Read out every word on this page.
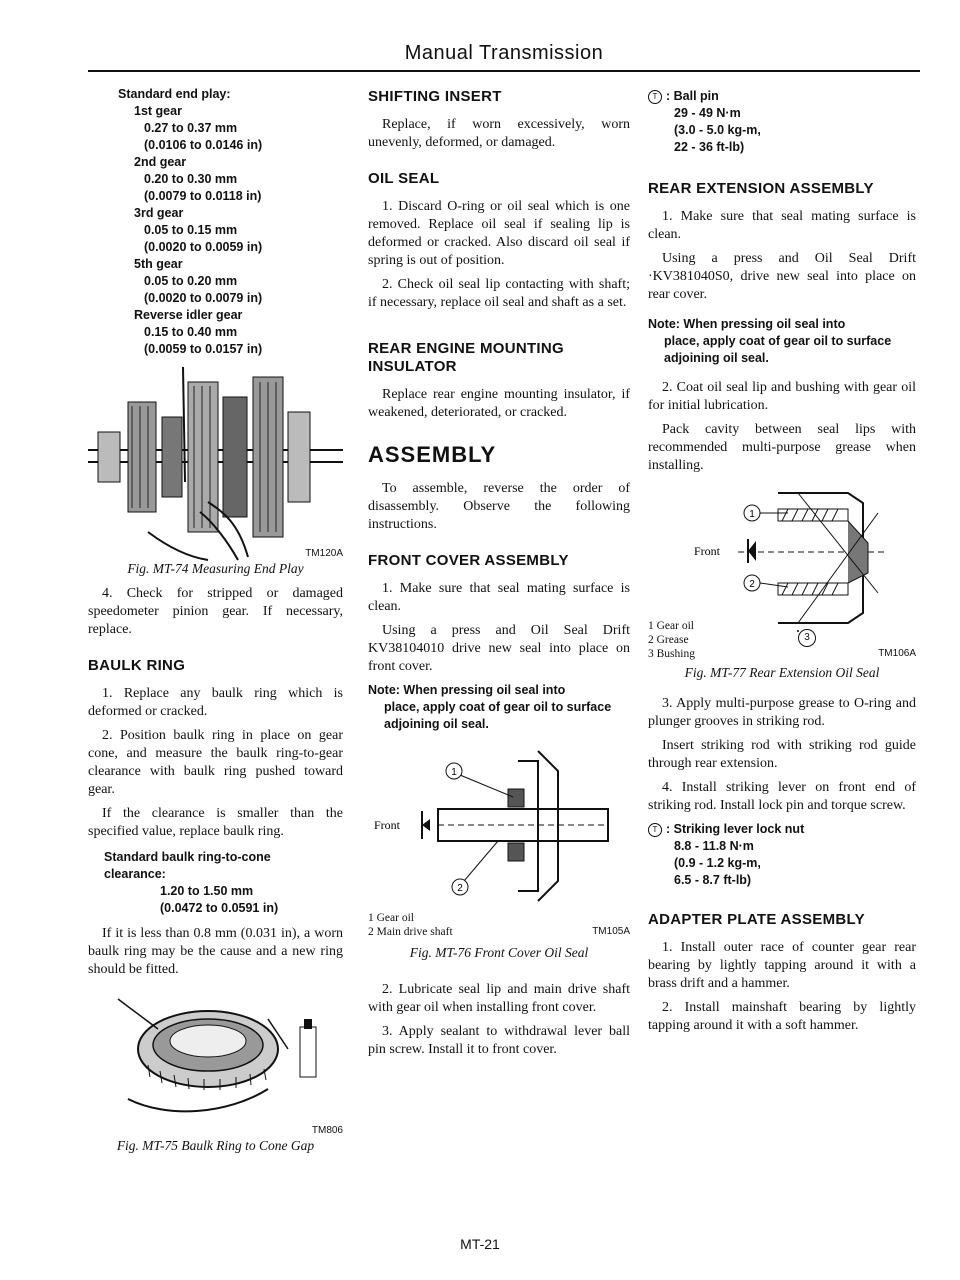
Manual Transmission
Standard end play:
1st gear
0.27 to 0.37 mm
(0.0106 to 0.0146 in)
2nd gear
0.20 to 0.30 mm
(0.0079 to 0.0118 in)
3rd gear
0.05 to 0.15 mm
(0.0020 to 0.0059 in)
5th gear
0.05 to 0.20 mm
(0.0020 to 0.0079 in)
Reverse idler gear
0.15 to 0.40 mm
(0.0059 to 0.0157 in)
TM120A
Fig. MT-74 Measuring End Play

4. Check for stripped or damaged speedometer pinion gear. If necessary, replace.

BAULK RING

1. Replace any baulk ring which is deformed or cracked.

2. Position baulk ring in place on gear cone, and measure the baulk ring-to-gear clearance with baulk ring pushed toward gear.

If the clearance is smaller than the specified value, replace baulk ring.

Standard baulk ring-to-cone
clearance:
1.20 to 1.50 mm
(0.0472 to 0.0591 in)

If it is less than 0.8 mm (0.031 in), a worn baulk ring may be the cause and a new ring should be fitted.

TM806
Fig. MT-75 Baulk Ring to Cone Gap
SHIFTING INSERT

Replace, if worn excessively, worn unevenly, deformed, or damaged.

OIL SEAL

1. Discard O-ring or oil seal which is one removed. Replace oil seal if sealing lip is deformed or cracked. Also discard oil seal if spring is out of position.

2. Check oil seal lip contacting with shaft; if necessary, replace oil seal and shaft as a set.

REAR ENGINE MOUNTING INSULATOR

Replace rear engine mounting insulator, if weakened, deteriorated, or cracked.

ASSEMBLY

To assemble, reverse the order of disassembly. Observe the following instructions.

FRONT COVER ASSEMBLY

1. Make sure that seal mating surface is clean.

Using a press and Oil Seal Drift KV38104010 drive new seal into place on front cover.

Note: When pressing oil seal into
place, apply coat of gear oil to surface adjoining oil seal.
1
2
Front
1 Gear oil
2 Main drive shaft	TM105A
Fig. MT-76 Front Cover Oil Seal

2. Lubricate seal lip and main drive shaft with gear oil when installing front cover.

3. Apply sealant to withdrawal lever ball pin screw. Install it to front cover.

T : Ball pin
29 - 49 N·m
(3.0 - 5.0 kg-m,
22 - 36 ft-lb)
REAR EXTENSION ASSEMBLY

1. Make sure that seal mating surface is clean.

Using a press and Oil Seal Drift ·KV381040S0, drive new seal into place on rear cover.

Note: When pressing oil seal into
place, apply coat of gear oil to surface adjoining oil seal.

2. Coat oil seal lip and bushing with gear oil for initial lubrication.

Pack cavity between seal lips with recommended multi-purpose grease when installing.

1
2
Front
1 Gear oil
2 Grease
3 Bushing
3
TM106A
Fig. MT-77 Rear Extension Oil Seal

3. Apply multi-purpose grease to O-ring and plunger grooves in striking rod.

Insert striking rod with striking rod guide through rear extension.

4. Install striking lever on front end of striking rod. Install lock pin and torque screw.

T : Striking lever lock nut
8.8 - 11.8 N·m
(0.9 - 1.2 kg-m,
6.5 - 8.7 ft-lb)
ADAPTER PLATE ASSEMBLY

1. Install outer race of counter gear rear bearing by lightly tapping around it with a brass drift and a hammer.

2. Install mainshaft bearing by lightly tapping around it with a soft hammer.

MT-21
